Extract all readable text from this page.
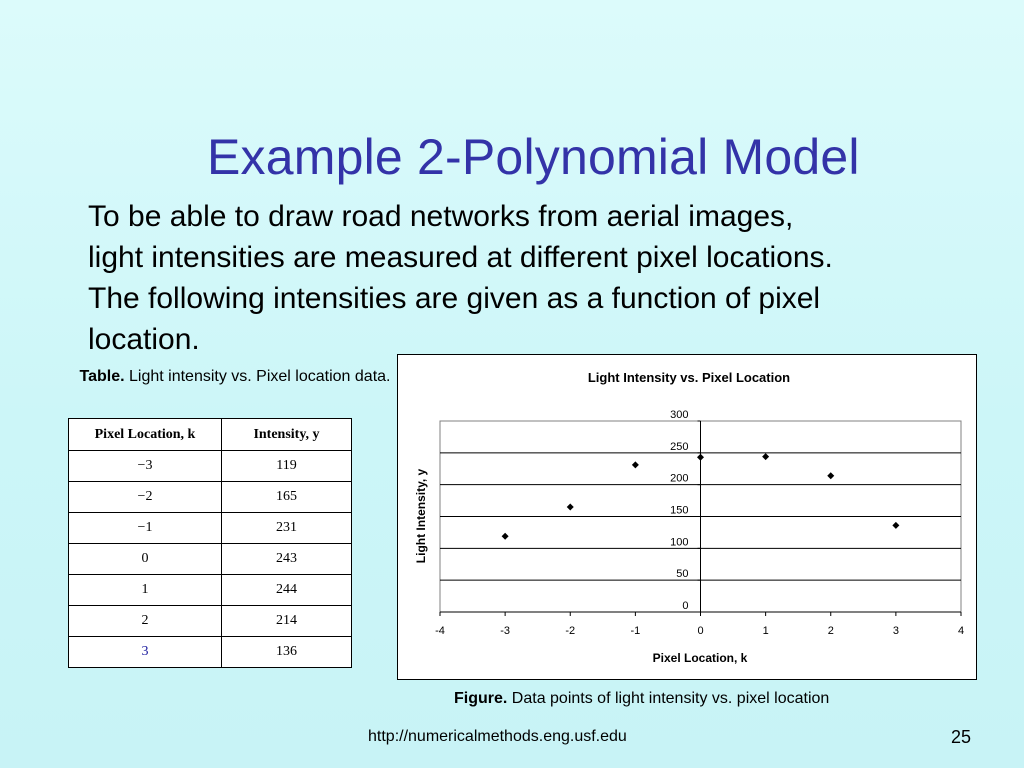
Example 2-Polynomial Model
To be able to draw road networks from aerial images,
light intensities are measured at different pixel locations.
The following intensities are given as a function of pixel
location.
Table. Light intensity vs. Pixel location data.
Pixel Location, k	Intensity, y
−3	119
−2	165
−1	231
0	243
1	244
2	214
3	136
Light Intensity vs. Pixel Location
0
50
100
150
200
250
300
-4	-3	-2	-1	0	1	2	3	4
Pixel Location, k
Light Intensity, y
Figure. Data points of light intensity vs. pixel location
http://numericalmethods.eng.usf.edu	25
